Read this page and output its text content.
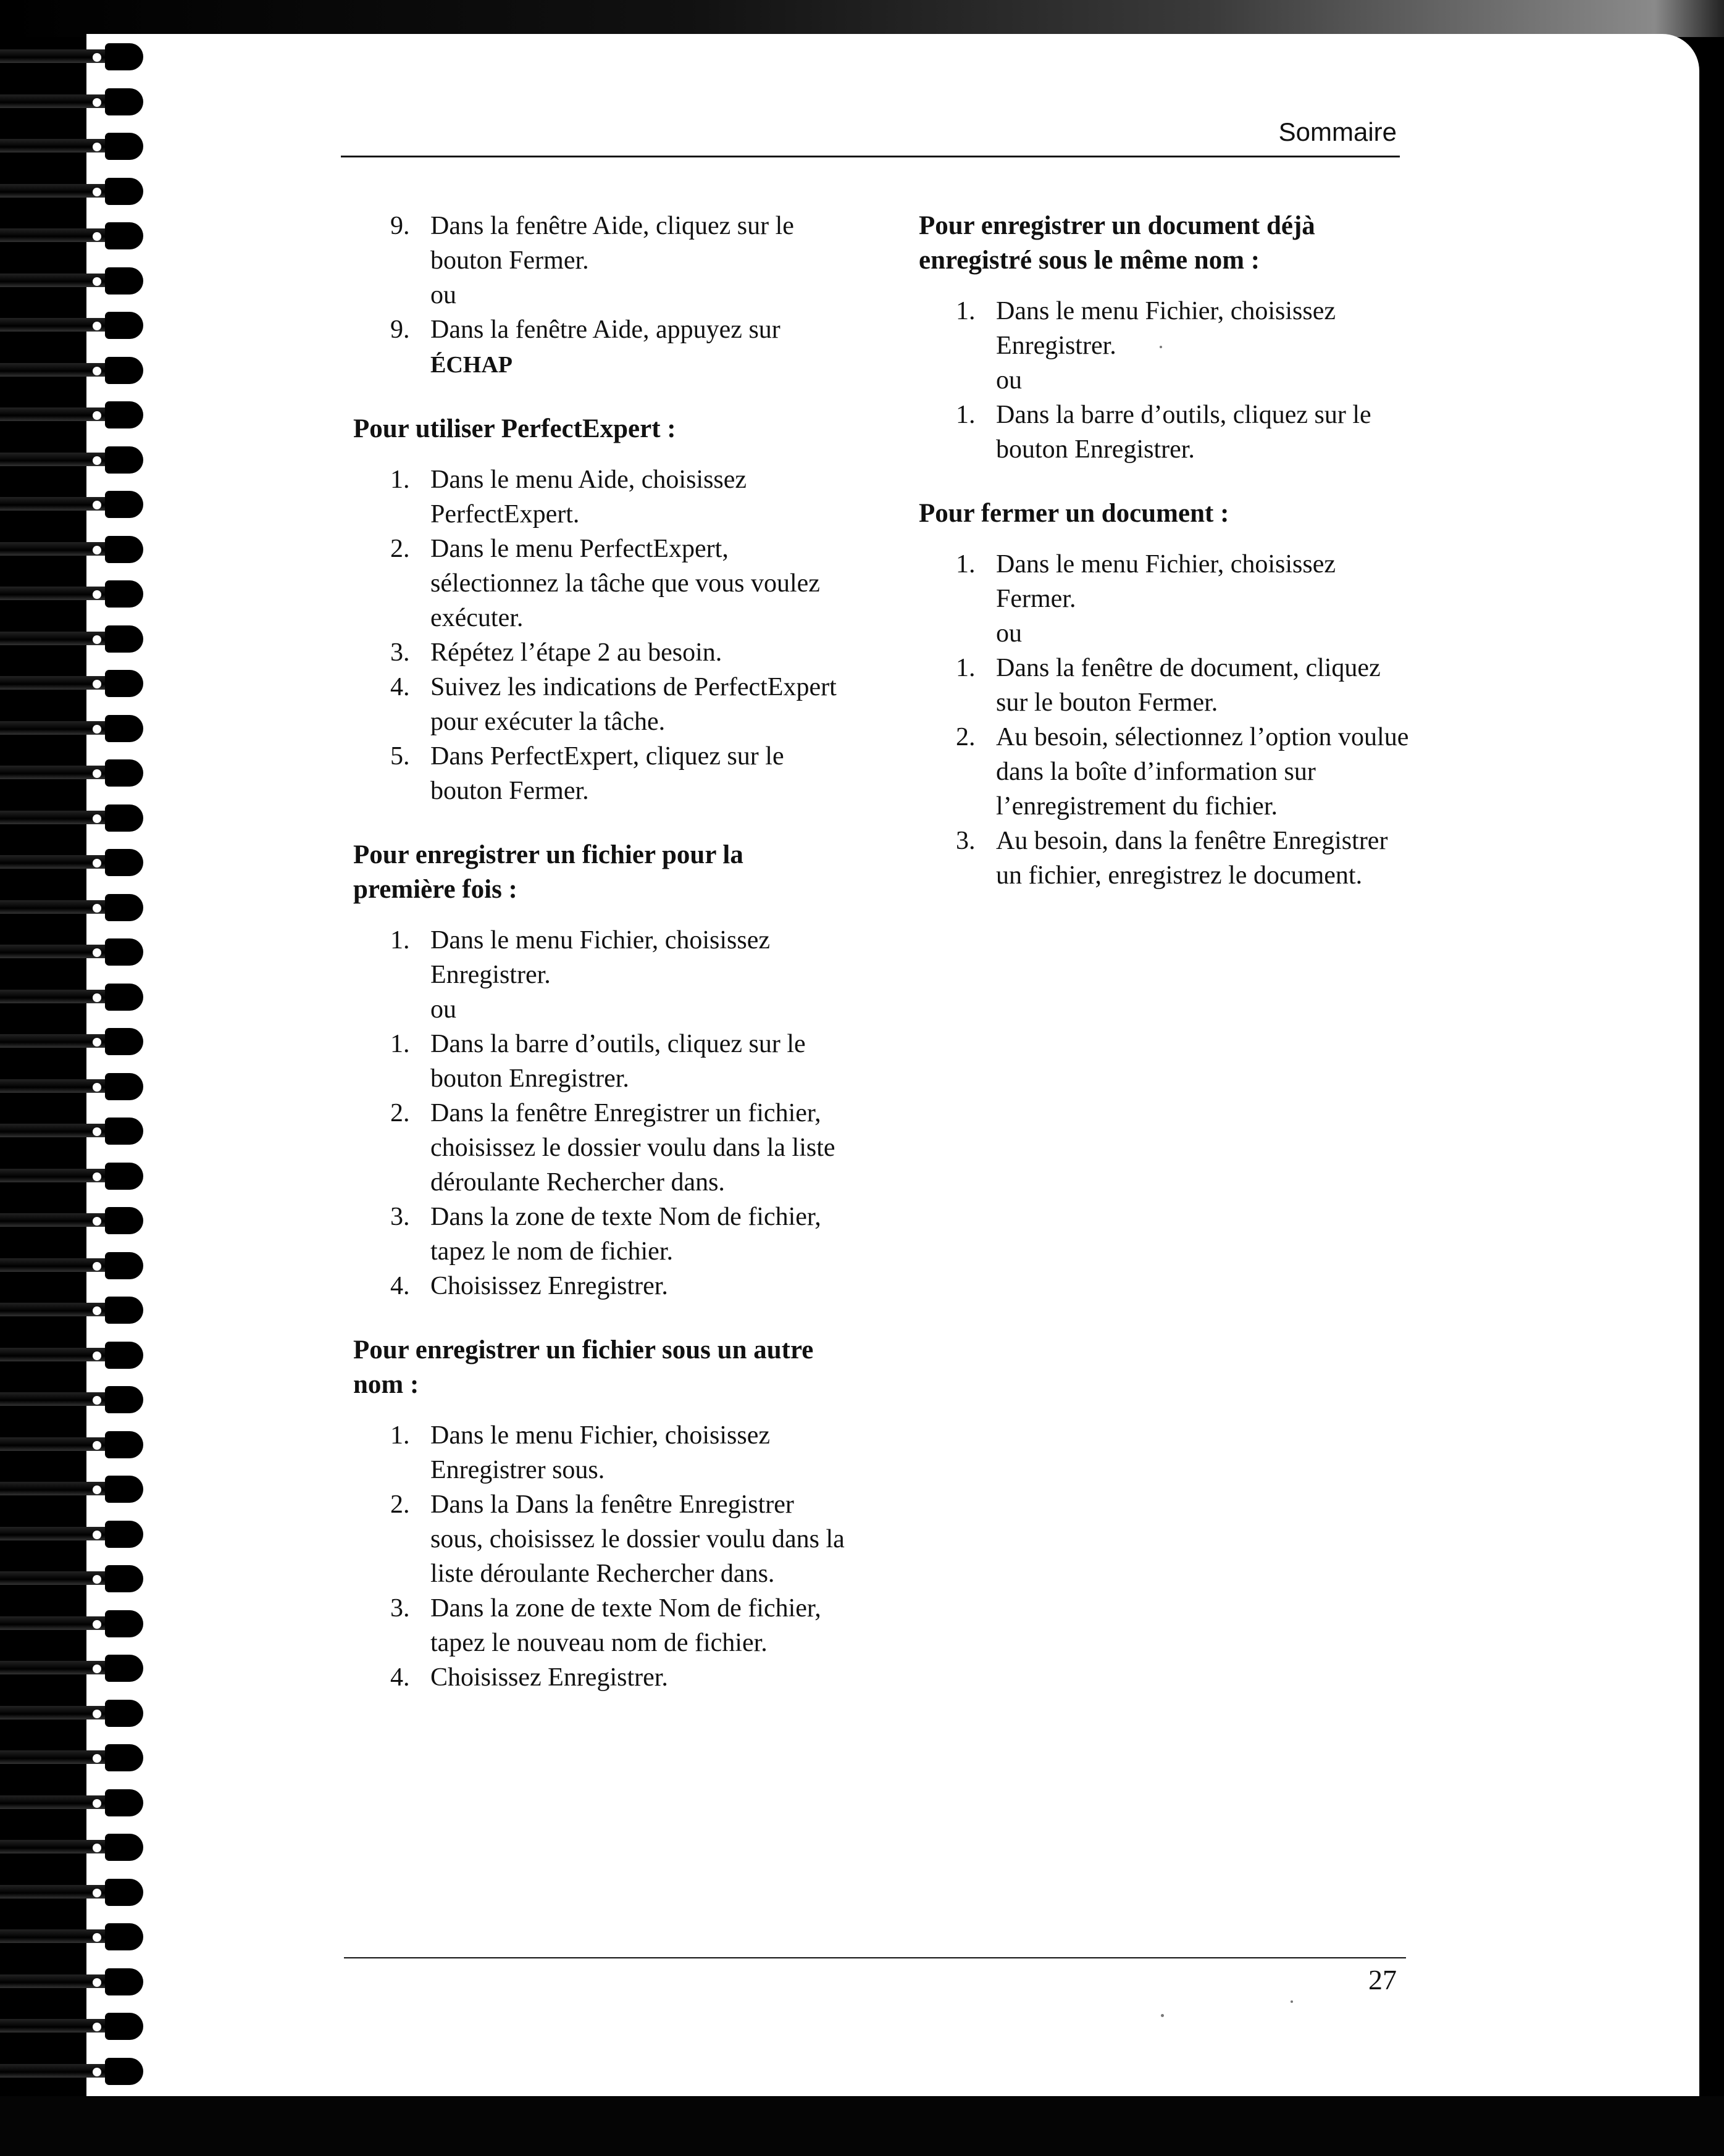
Sommaire
9. Dans la fenêtre Aide, cliquez sur le bouton Fermer.
ou
9. Dans la fenêtre Aide, appuyez sur
ÉCHAP
Pour utiliser PerfectExpert :
1. Dans le menu Aide, choisissez PerfectExpert.
2. Dans le menu PerfectExpert, sélectionnez la tâche que vous voulez exécuter.
3. Répétez l’étape 2 au besoin.
4. Suivez les indications de PerfectExpert pour exécuter la tâche.
5. Dans PerfectExpert, cliquez sur le bouton Fermer.
Pour enregistrer un fichier pour la première fois :
1. Dans le menu Fichier, choisissez Enregistrer.
ou
1. Dans la barre d’outils, cliquez sur le bouton Enregistrer.
2. Dans la fenêtre Enregistrer un fichier, choisissez le dossier voulu dans la liste déroulante Rechercher dans.
3. Dans la zone de texte Nom de fichier, tapez le nom de fichier.
4. Choisissez Enregistrer.
Pour enregistrer un fichier sous un autre nom :
1. Dans le menu Fichier, choisissez Enregistrer sous.
2. Dans la Dans la fenêtre Enregistrer sous, choisissez le dossier voulu dans la liste déroulante Rechercher dans.
3. Dans la zone de texte Nom de fichier, tapez le nouveau nom de fichier.
4. Choisissez Enregistrer.
Pour enregistrer un document déjà enregistré sous le même nom :
1. Dans le menu Fichier, choisissez Enregistrer.
ou
1. Dans la barre d’outils, cliquez sur le bouton Enregistrer.
Pour fermer un document :
1. Dans le menu Fichier, choisissez Fermer.
ou
1. Dans la fenêtre de document, cliquez sur le bouton Fermer.
2. Au besoin, sélectionnez l’option voulue dans la boîte d’information sur l’enregistrement du fichier.
3. Au besoin, dans la fenêtre Enregistrer un fichier, enregistrez le document.
27
